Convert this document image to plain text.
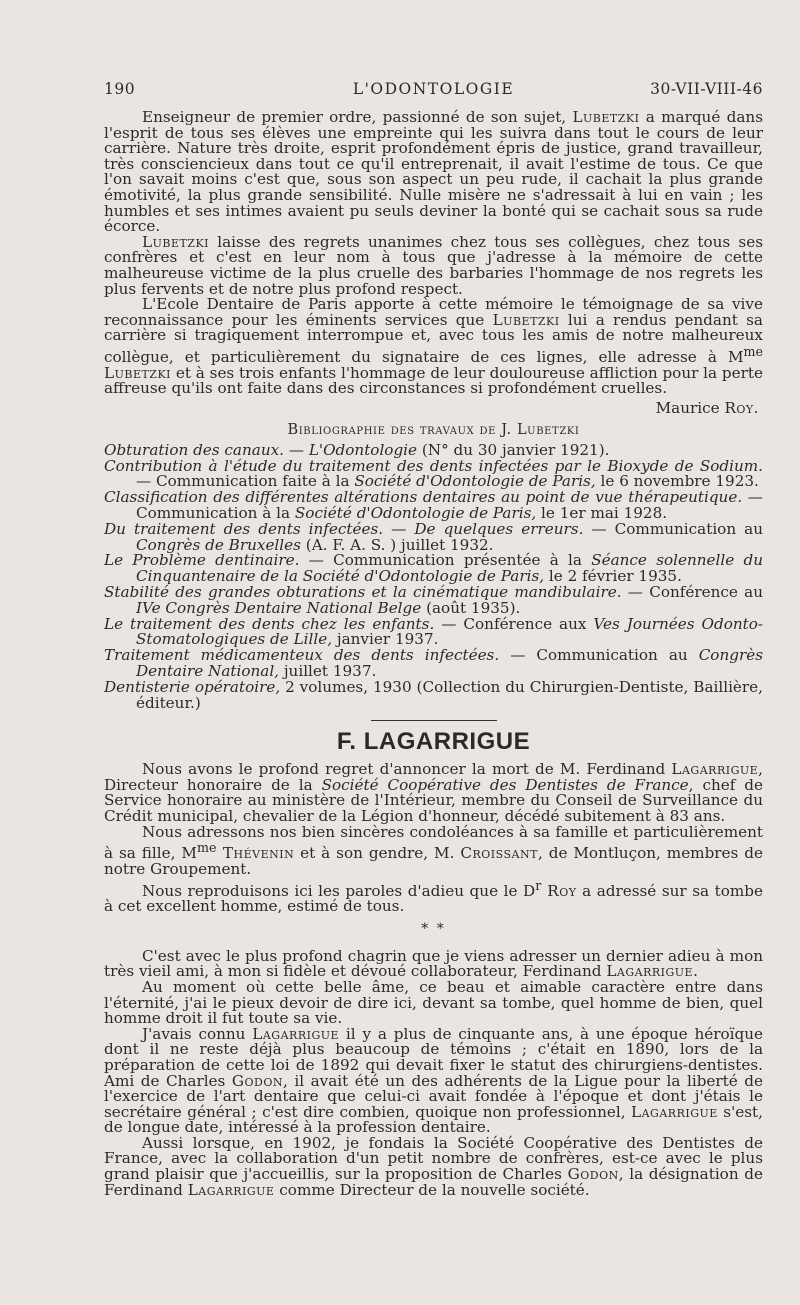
190	L'ODONTOLOGIE	30-VII-VIII-46

Enseigneur de premier ordre, passionné de son sujet, Lubetzki a marqué dans l'esprit de tous ses élèves une empreinte qui les suivra dans tout le cours de leur carrière. Nature très droite, esprit profondément épris de justice, grand travailleur, très consciencieux dans tout ce qu'il entreprenait, il avait l'estime de tous. Ce que l'on savait moins c'est que, sous son aspect un peu rude, il cachait la plus grande émotivité, la plus grande sensibilité. Nulle misère ne s'adressait à lui en vain ; les humbles et ses intimes avaient pu seuls deviner la bonté qui se cachait sous sa rude écorce.

Lubetzki laisse des regrets unanimes chez tous ses collègues, chez tous ses confrères et c'est en leur nom à tous que j'adresse à la mémoire de cette malheureuse victime de la plus cruelle des barbaries l'hommage de nos regrets les plus fervents et de notre plus profond respect.

L'Ecole Dentaire de Paris apporte à cette mémoire le témoignage de sa vive reconnaissance pour les éminents services que Lubetzki lui a rendus pendant sa carrière si tragiquement interrompue et, avec tous les amis de notre malheureux collègue, et particulièrement du signataire de ces lignes, elle adresse à $M^{me}$ Lubetzki et à ses trois enfants l'hommage de leur douloureuse affliction pour la perte affreuse qu'ils ont faite dans des circonstances si profondément cruelles.

Maurice Roy.
Bibliographie des travaux de J. Lubetzki
Obturation des canaux. — L'Odontologie (N° du 30 janvier 1921).
Contribution à l'étude du traitement des dents infectées par le Bioxyde de Sodium. — Communication faite à la Société d'Odontologie de Paris, le 6 novembre 1923.
Classification des différentes altérations dentaires au point de vue thérapeutique. — Communication à la Société d'Odontologie de Paris, le 1er mai 1928.
Du traitement des dents infectées. — De quelques erreurs. — Communication au Congrès de Bruxelles (A. F. A. S. ) juillet 1932.
Le Problème dentinaire. — Communication présentée à la Séance solennelle du Cinquantenaire de la Société d'Odontologie de Paris, le 2 février 1935.
Stabilité des grandes obturations et la cinématique mandibulaire. — Conférence au IVe Congrès Dentaire National Belge (août 1935).
Le traitement des dents chez les enfants. — Conférence aux Ves Journées Odonto-Stomatologiques de Lille, janvier 1937.
Traitement médicamenteux des dents infectées. — Communication au Congrès Dentaire National, juillet 1937.
Dentisterie opératoire, 2 volumes, 1930 (Collection du Chirurgien-Dentiste, Baillière, éditeur.)
F. LAGARRIGUE

Nous avons le profond regret d'annoncer la mort de M. Ferdinand Lagarrigue, Directeur honoraire de la Société Coopérative des Dentistes de France, chef de Service honoraire au ministère de l'Intérieur, membre du Conseil de Surveillance du Crédit municipal, chevalier de la Légion d'honneur, décédé subitement à 83 ans.

Nous adressons nos bien sincères condoléances à sa famille et particulièrement à sa fille, $M^{me}$ Thévenin et à son gendre, M. Croissant, de Montluçon, membres de notre Groupement.

Nous reproduisons ici les paroles d'adieu que le $D^r$ Roy a adressé sur sa tombe à cet excellent homme, estimé de tous.

* *

C'est avec le plus profond chagrin que je viens adresser un dernier adieu à mon très vieil ami, à mon si fidèle et dévoué collaborateur, Ferdinand Lagarrigue.

Au moment où cette belle âme, ce beau et aimable caractère entre dans l'éternité, j'ai le pieux devoir de dire ici, devant sa tombe, quel homme de bien, quel homme droit il fut toute sa vie.

J'avais connu Lagarrigue il y a plus de cinquante ans, à une époque héroïque dont il ne reste déjà plus beaucoup de témoins ; c'était en 1890, lors de la préparation de cette loi de 1892 qui devait fixer le statut des chirurgiens-dentistes. Ami de Charles Godon, il avait été un des adhérents de la Ligue pour la liberté de l'exercice de l'art dentaire que celui-ci avait fondée à l'époque et dont j'étais le secrétaire général ; c'est dire combien, quoique non professionnel, Lagarrigue s'est, de longue date, intéressé à la profession dentaire.

Aussi lorsque, en 1902, je fondais la Société Coopérative des Dentistes de France, avec la collaboration d'un petit nombre de confrères, est-ce avec le plus grand plaisir que j'accueillis, sur la proposition de Charles Godon, la désignation de Ferdinand Lagarrigue comme Directeur de la nouvelle société.
